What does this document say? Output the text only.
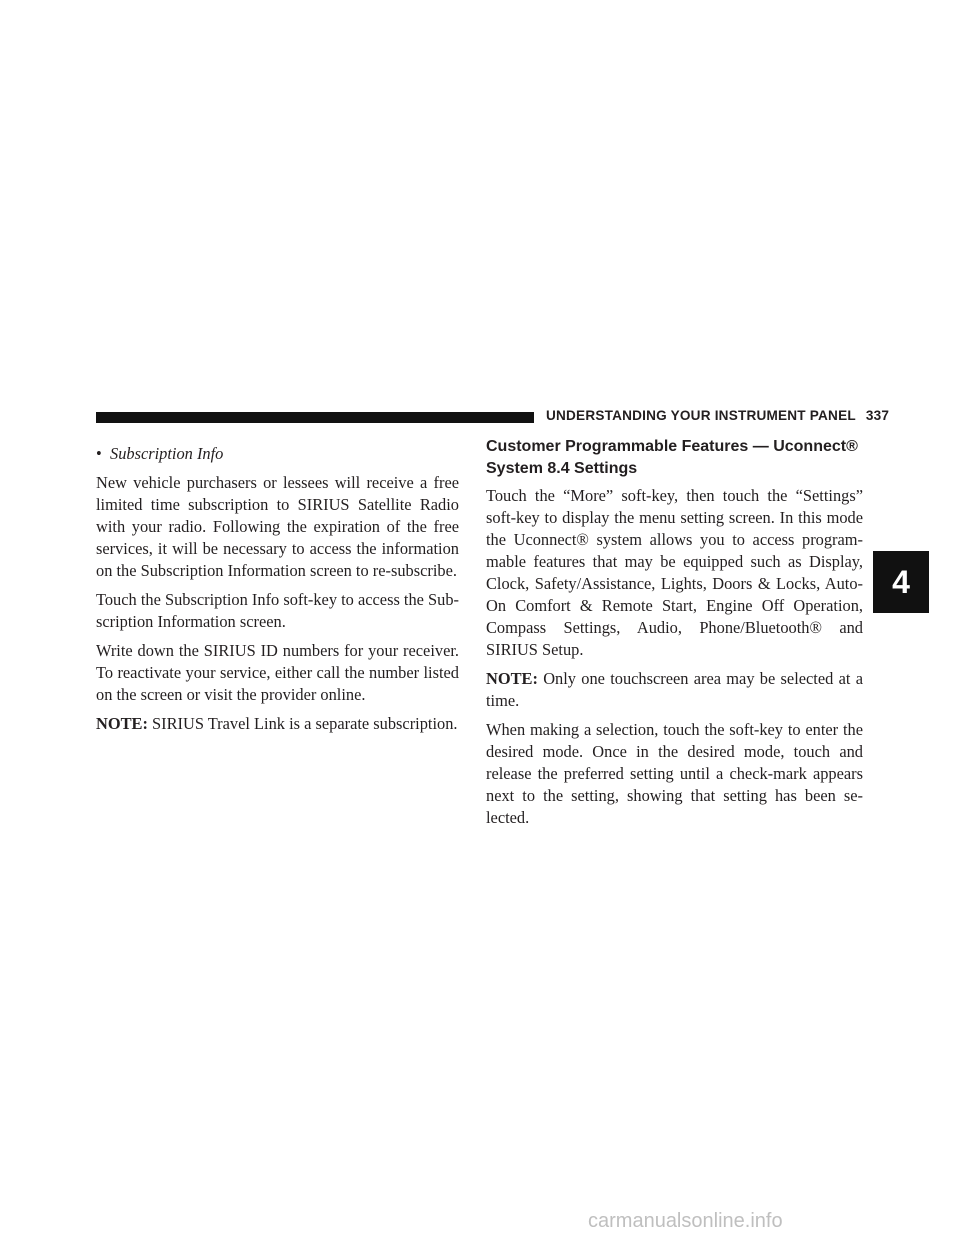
UNDERSTANDING YOUR INSTRUMENT PANEL 337

• Subscription Info

New vehicle purchasers or lessees will receive a free limited time subscription to SIRIUS Satellite Radio with your radio. Following the expiration of the free services, it will be necessary to access the information on the Subscription Information screen to re-subscribe.

Touch the Subscription Info soft-key to access the Sub-scription Information screen.

Write down the SIRIUS ID numbers for your receiver. To reactivate your service, either call the number listed on the screen or visit the provider online.

NOTE: SIRIUS Travel Link is a separate subscription.

Customer Programmable Features — Uconnect® System 8.4 Settings

Touch the “More” soft-key, then touch the “Settings” soft-key to display the menu setting screen. In this mode the Uconnect® system allows you to access program-mable features that may be equipped such as Display, Clock, Safety/Assistance, Lights, Doors & Locks, Auto-On Comfort & Remote Start, Engine Off Operation, Compass Settings, Audio, Phone/Bluetooth® and SIRIUS Setup.

NOTE: Only one touchscreen area may be selected at a time.

When making a selection, touch the soft-key to enter the desired mode. Once in the desired mode, touch and release the preferred setting until a check-mark appears next to the setting, showing that setting has been se-lected.

4
carmanualsonline.info
